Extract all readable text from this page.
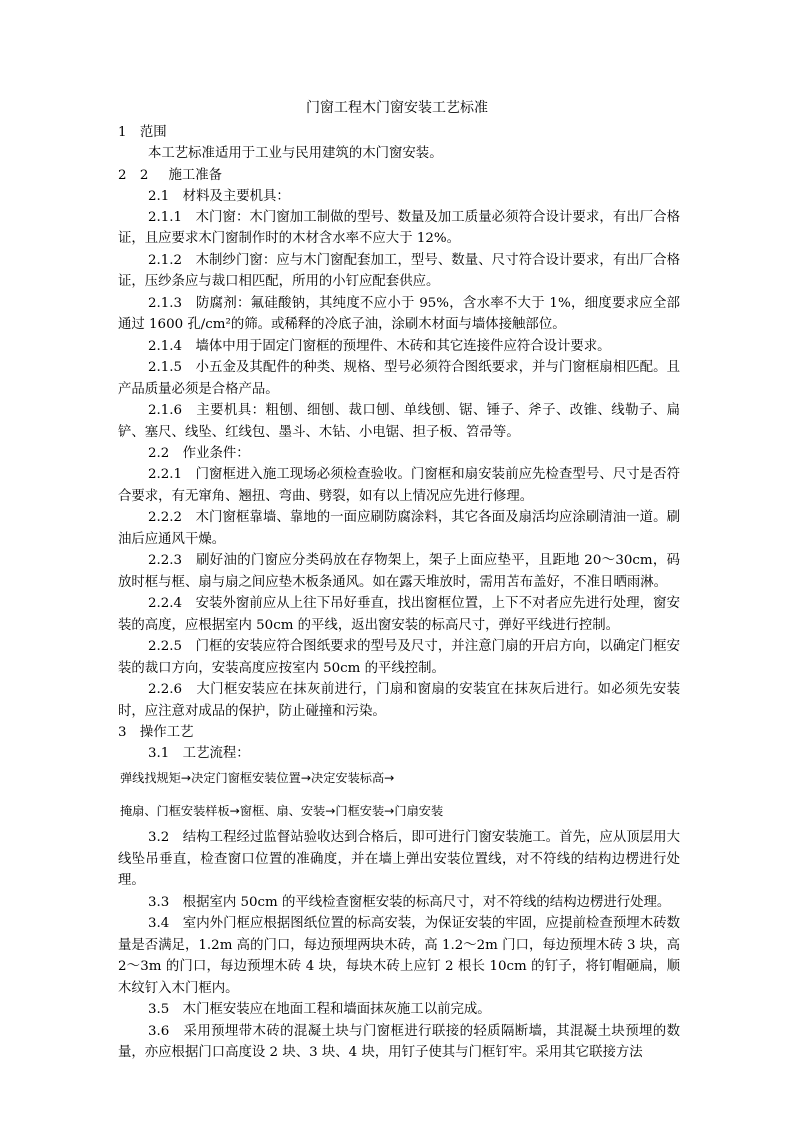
门窗工程木门窗安装工艺标准

1　范围

本工艺标准适用于工业与民用建筑的木门窗安装。

2　2 施工准备

2.1　材料及主要机具：

2.1.1　木门窗：木门窗加工制做的型号、数量及加工质量必须符合设计要求，有出厂合格证，且应要求木门窗制作时的木材含水率不应大于 12%。

2.1.2　木制纱门窗：应与木门窗配套加工，型号、数量、尺寸符合设计要求，有出厂合格证，压纱条应与裁口相匹配，所用的小钉应配套供应。

2.1.3　防腐剂：氟硅酸钠，其纯度不应小于 95%，含水率不大于 1%，细度要求应全部通过 1600 孔/cm²的筛。或稀释的冷底子油，涂刷木材面与墙体接触部位。

2.1.4　墙体中用于固定门窗框的预埋件、木砖和其它连接件应符合设计要求。

2.1.5　小五金及其配件的种类、规格、型号必须符合图纸要求，并与门窗框扇相匹配。且产品质量必须是合格产品。

2.1.6　主要机具：粗刨、细刨、裁口刨、单线刨、锯、锤子、斧子、改锥、线勒子、扁铲、塞尺、线坠、红线包、墨斗、木钻、小电锯、担子板、笤帚等。

2.2　作业条件：

2.2.1　门窗框进入施工现场必须检查验收。门窗框和扇安装前应先检查型号、尺寸是否符合要求，有无窜角、翘扭、弯曲、劈裂，如有以上情况应先进行修理。

2.2.2　木门窗框靠墙、靠地的一面应刷防腐涂料，其它各面及扇活均应涂刷清油一道。刷油后应通风干燥。

2.2.3　刷好油的门窗应分类码放在存物架上，架子上面应垫平，且距地 20～30cm，码放时框与框、扇与扇之间应垫木板条通风。如在露天堆放时，需用苫布盖好，不准日晒雨淋。

2.2.4　安装外窗前应从上往下吊好垂直，找出窗框位置，上下不对者应先进行处理，窗安装的高度，应根据室内 50cm 的平线，返出窗安装的标高尺寸，弹好平线进行控制。

2.2.5　门框的安装应符合图纸要求的型号及尺寸，并注意门扇的开启方向，以确定门框安装的裁口方向，安装高度应按室内 50cm 的平线控制。

2.2.6　大门框安装应在抹灰前进行，门扇和窗扇的安装宜在抹灰后进行。如必须先安装时，应注意对成品的保护，防止碰撞和污染。

3　操作工艺

3.1　工艺流程：

弹线找规矩→决定门窗框安装位置→决定安装标高→

掩扇、门框安装样板→窗框、扇、安装→门框安装→门扇安装

3.2　结构工程经过监督站验收达到合格后，即可进行门窗安装施工。首先，应从顶层用大线坠吊垂直，检查窗口位置的准确度，并在墙上弹出安装位置线，对不符线的结构边楞进行处理。

3.3　根据室内 50cm 的平线检查窗框安装的标高尺寸，对不符线的结构边楞进行处理。

3.4　室内外门框应根据图纸位置的标高安装，为保证安装的牢固，应提前检查预埋木砖数量是否满足，1.2m 高的门口，每边预埋两块木砖，高 1.2～2m 门口，每边预埋木砖 3 块，高 2～3m 的门口，每边预埋木砖 4 块，每块木砖上应钉 2 根长 10cm 的钉子，将钉帽砸扁，顺木纹钉入木门框内。

3.5　木门框安装应在地面工程和墙面抹灰施工以前完成。

3.6　采用预埋带木砖的混凝土块与门窗框进行联接的轻质隔断墙，其混凝土块预埋的数量，亦应根据门口高度设 2 块、3 块、4 块，用钉子使其与门框钉牢。采用其它联接方法
